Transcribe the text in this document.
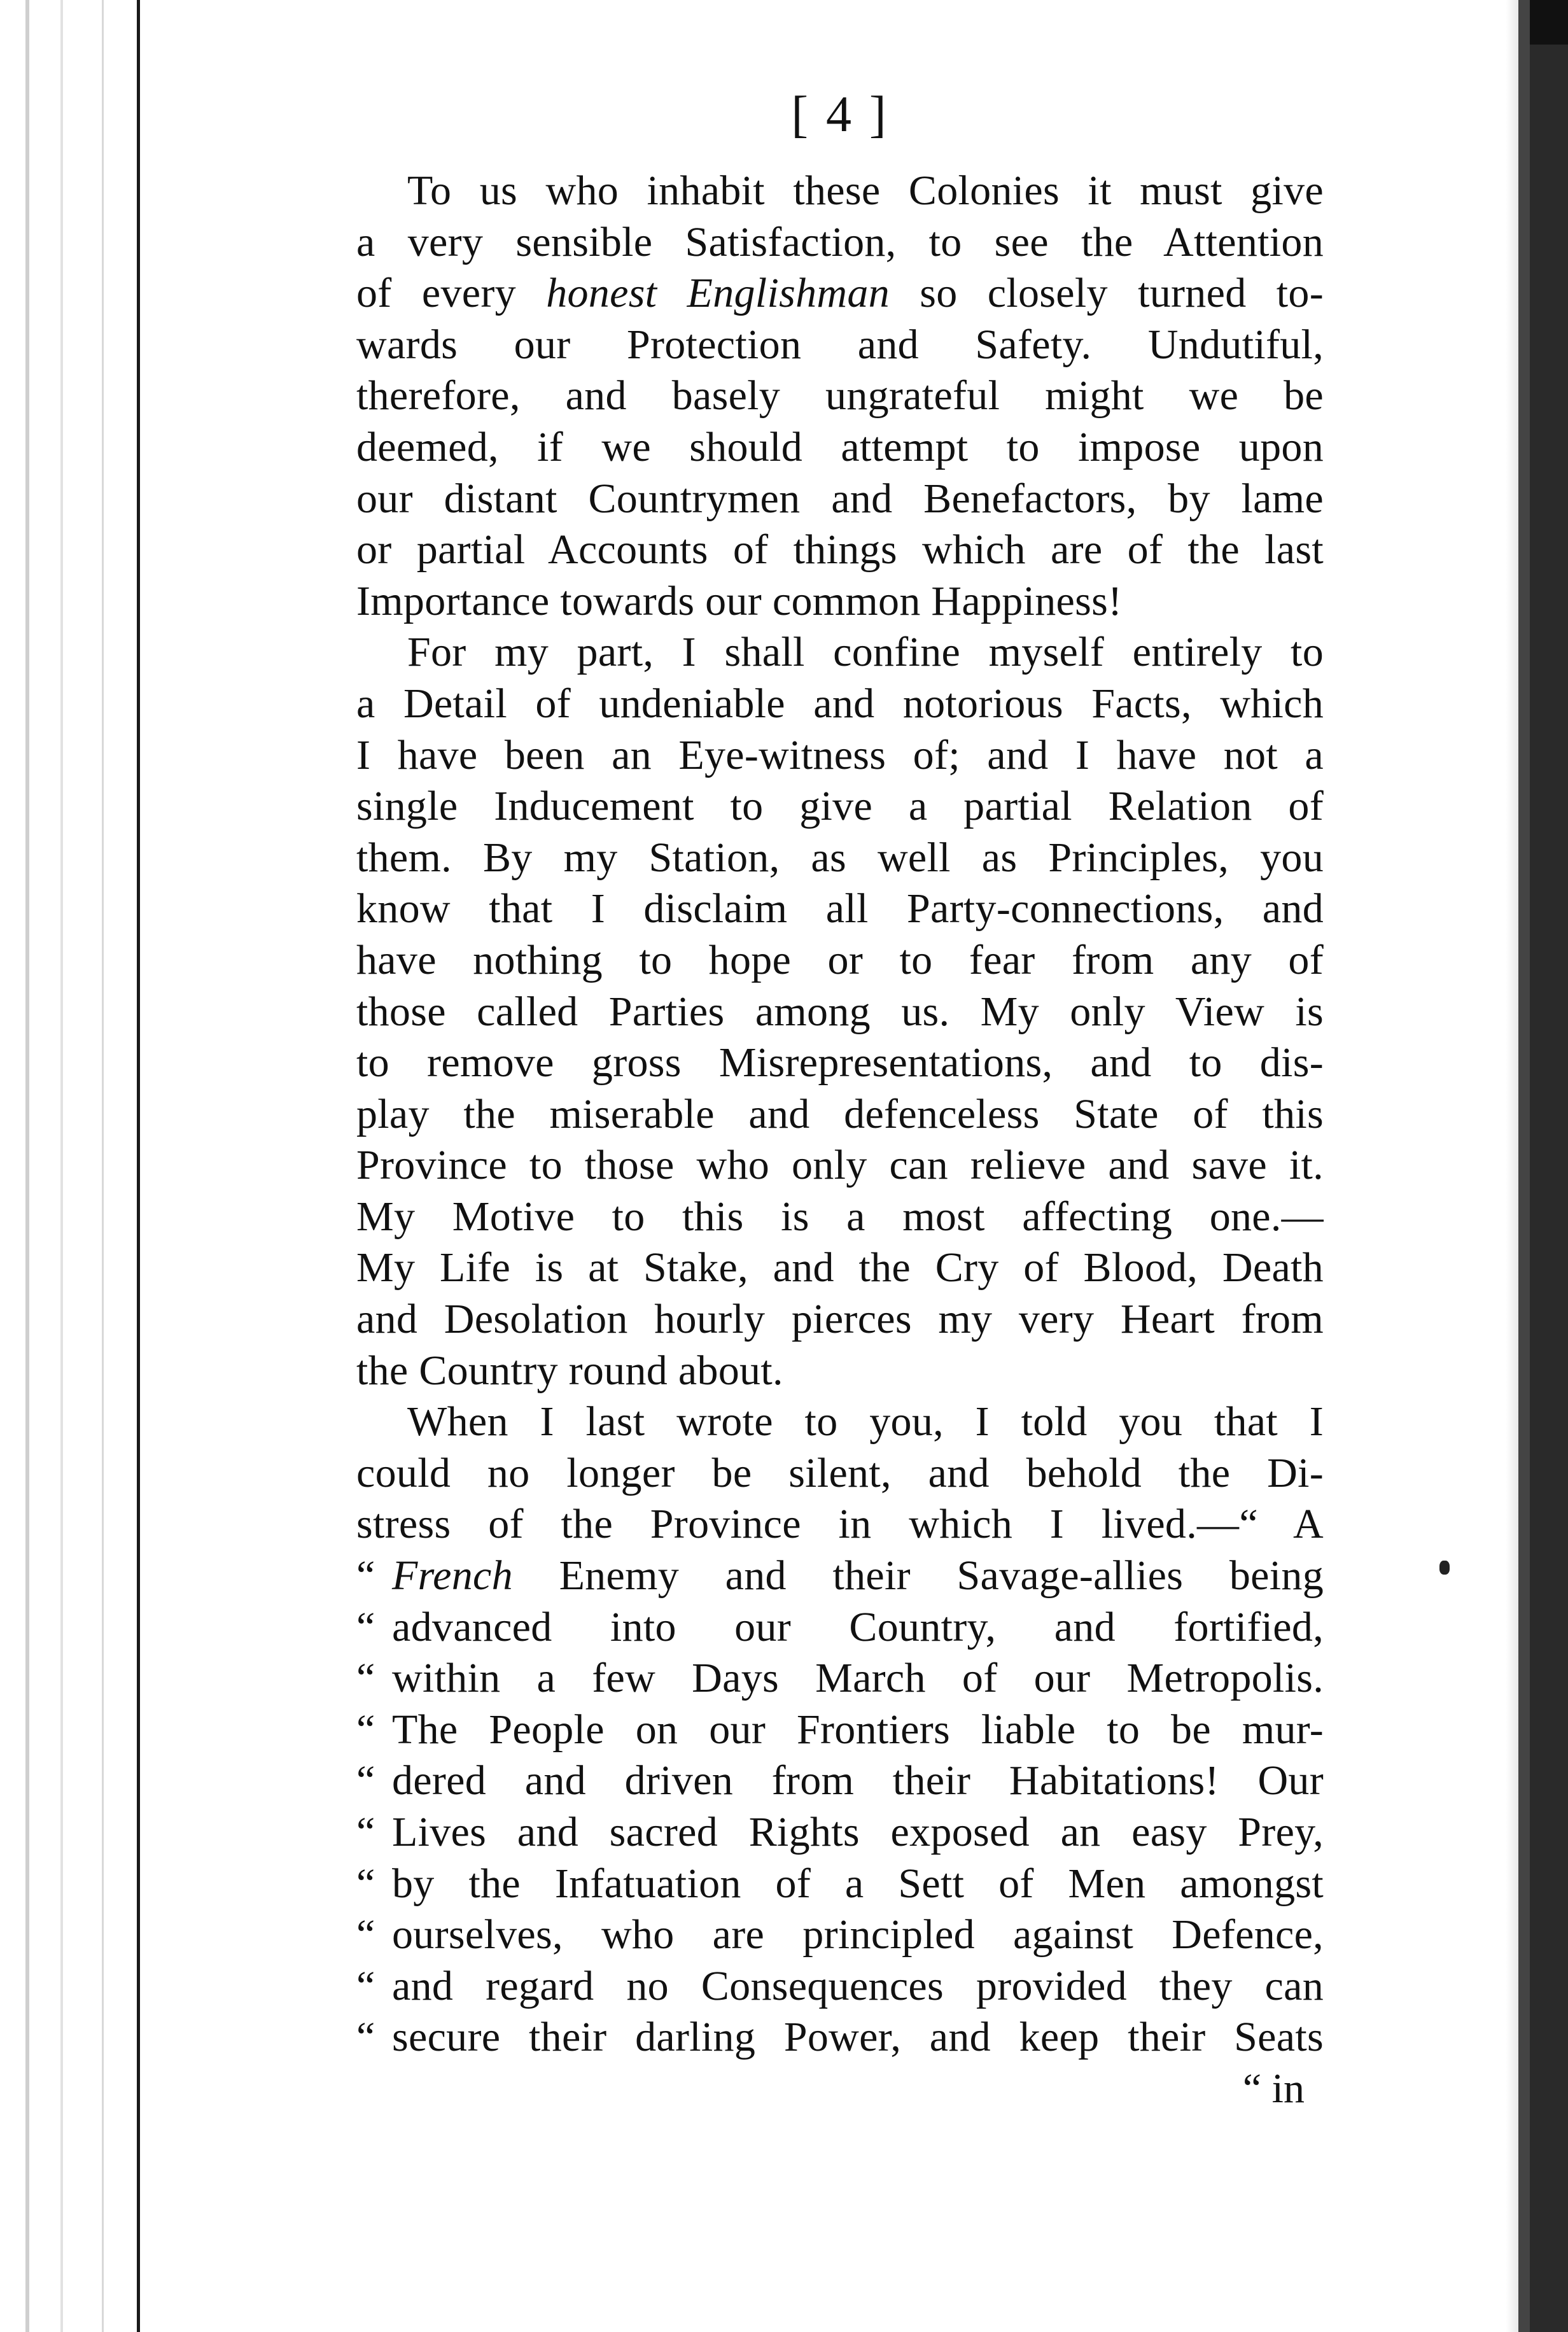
[ 4 ]
To us who inhabit these Colonies it must give
a very sensible Satisfaction, to see the Attention
of every honest Englishman so closely turned to-
wards our Protection and Safety. Undutiful,
therefore, and basely ungrateful might we be
deemed, if we should attempt to impose upon
our distant Countrymen and Benefactors, by lame
or partial Accounts of things which are of the last
Importance towards our common Happiness!
For my part, I shall confine myself entirely to
a Detail of undeniable and notorious Facts, which
I have been an Eye-witness of; and I have not a
single Inducement to give a partial Relation of
them. By my Station, as well as Principles, you
know that I disclaim all Party-connections, and
have nothing to hope or to fear from any of
those called Parties among us. My only View is
to remove gross Misrepresentations, and to dis-
play the miserable and defenceless State of this
Province to those who only can relieve and save it.
My Motive to this is a most affecting one.—
My Life is at Stake, and the Cry of Blood, Death
and Desolation hourly pierces my very Heart from
the Country round about.
When I last wrote to you, I told you that I
could no longer be silent, and behold the Di-
stress of the Province in which I lived.—“ A
“ French Enemy and their Savage-allies being
“ advanced into our Country, and fortified,
“ within a few Days March of our Metropolis.
“ The People on our Frontiers liable to be mur-
“ dered and driven from their Habitations! Our
“ Lives and sacred Rights exposed an easy Prey,
“ by the Infatuation of a Sett of Men amongst
“ ourselves, who are principled against Defence,
“ and regard no Consequences provided they can
“ secure their darling Power, and keep their Seats
“ in
